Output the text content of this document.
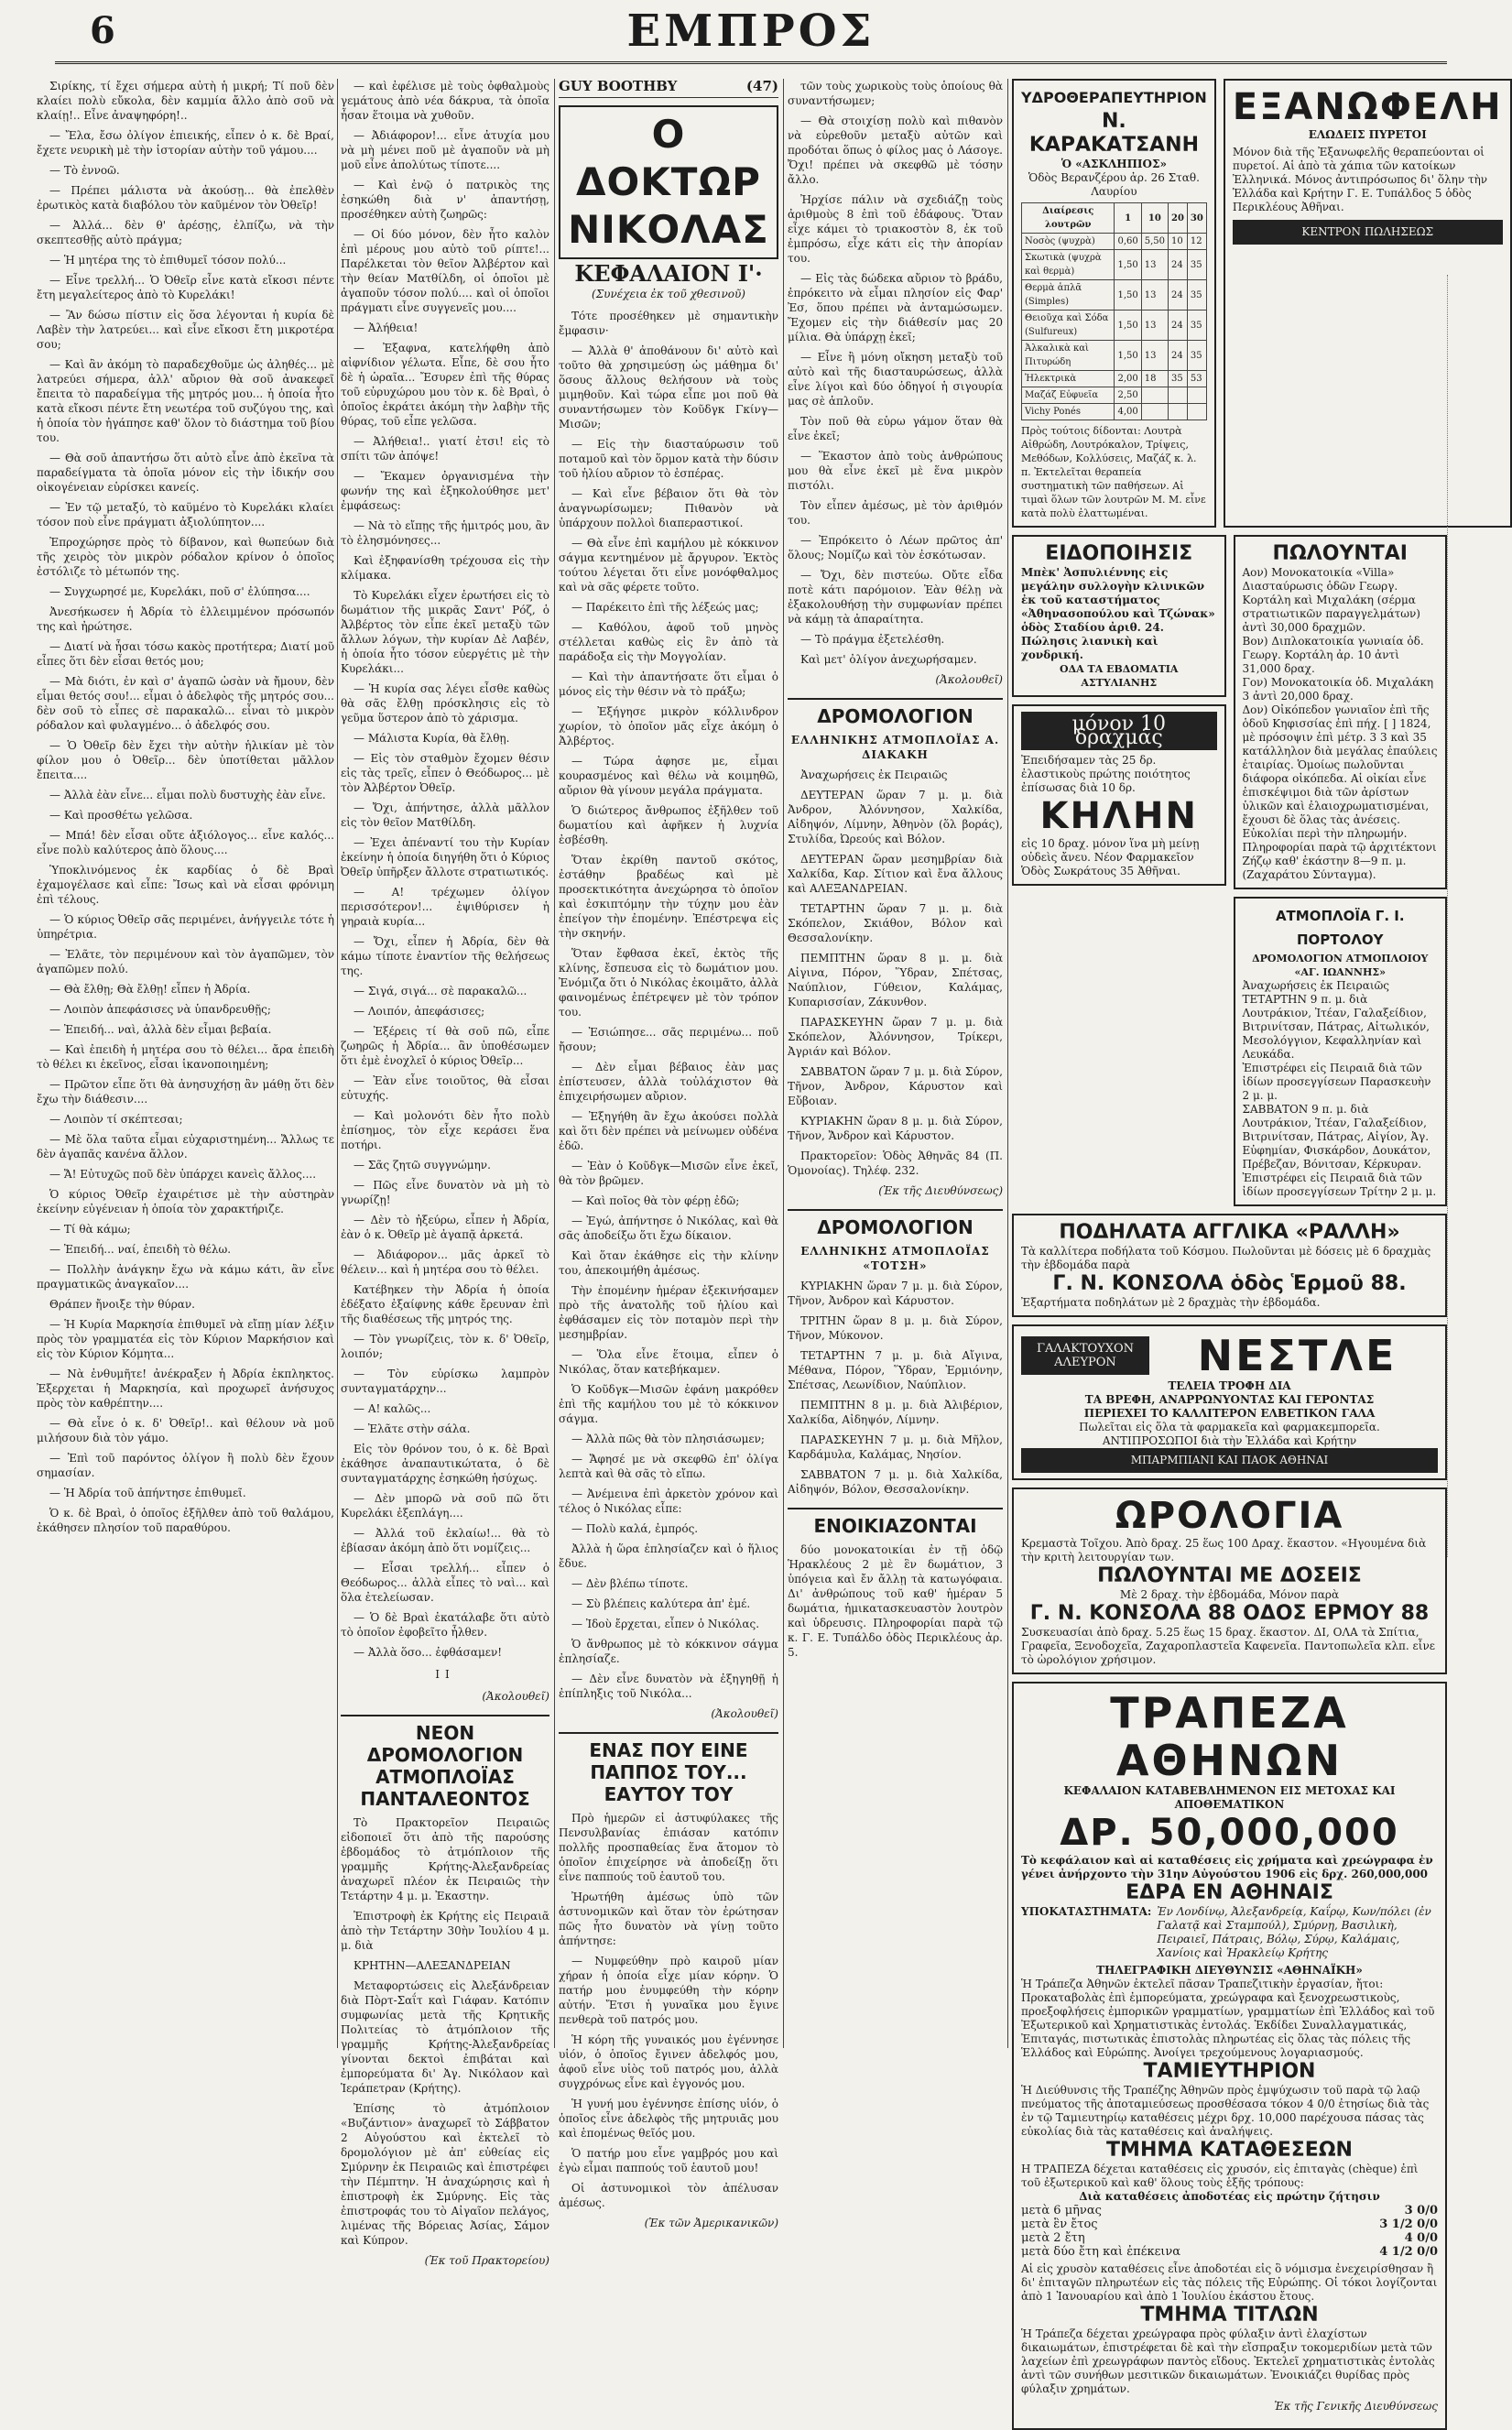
6	ΕΜΠΡΟΣ

Σιρίκης, τί ἔχει σήμερα αὐτὴ ἡ μικρή; Τί ποῦ δὲν κλαίει πολὺ εὔκολα, δὲν καμμία ἄλλο ἀπὸ σοῦ νὰ κλαίῃ!.. Εἶνε ἀναψηφόρη!..

— Ἔλα, ἔσω ὀλίγον ἐπιεικής, εἶπεν ὁ κ. δὲ Βραί, ἔχετε νευρικὴ μὲ τὴν ἱστορίαν αὐτὴν τοῦ γάμου....

— Τὸ ἐννοῶ.

— Πρέπει μάλιστα νὰ ἀκούσῃ... θὰ ἐπελθὲν ἐρωτικὸς κατὰ διαβόλου τὸν καῦμένον τὸν Ὀθεῖρ!

— Ἀλλά... δὲν θ' ἀρέσῃς, ἐλπίζω, νὰ τὴν σκεπτεσθῇς αὐτὸ πράγμα;

— Ἡ μητέρα της τὸ ἐπιθυμεῖ τόσον πολύ...

— Εἶνε τρελλή... Ὁ Ὀθεῖρ εἶνε κατὰ εἴκοσι πέντε ἔτη μεγαλείτερος ἀπὸ τὸ Κυρελάκι!

— Ἂν δώσω πίστιν εἰς ὅσα λέγονται ἡ κυρία δὲ Λαβὲν τὴν λατρεύει... καὶ εἶνε εἴκοσι ἔτη μικροτέρα σου;

— Καὶ ἂν ἀκόμη τὸ παραδεχθοῦμε ὡς ἀληθές... μὲ λατρεύει σήμερα, ἀλλ' αὔριον θὰ σοῦ ἀνακεφεῖ ἔπειτα τὸ παραδείγμα τῆς μητρός μου... ἡ ὁποία ἦτο κατὰ εἴκοσι πέντε ἔτη νεωτέρα τοῦ συζύγου της, καὶ ἡ ὁποία τὸν ἠγάπησε καθ' ὅλον τὸ διάστημα τοῦ βίου του.

— Θὰ σοῦ ἀπαντήσω ὅτι αὐτὸ εἶνε ἀπὸ ἐκεῖνα τὰ παραδείγματα τὰ ὁποῖα μόνον εἰς τὴν ἰδικήν σου οἰκογένειαν εὑρίσκει κανείς.

— Ἐν τῷ μεταξύ, τὸ καϋμένο τὸ Κυρελάκι κλαίει τόσον ποὺ εἶνε πράγματι ἀξιολύπητον....

Ἐπροχώρησε πρὸς τὸ δίβανον, καὶ θωπεύων διὰ τῆς χειρὸς τὸν μικρὸν ρόδαλον κρίνον ὁ ὁποῖος ἐστόλιζε τὸ μέτωπόν της.

— Συγχωρησέ με, Κυρελάκι, ποῦ σ' ἐλύπησα....

Ἀνεσήκωσεν ἡ Ἀδρία τὸ ἐλλειμμένον πρόσωπόν της καὶ ἠρώτησε.

— Διατί νὰ ἦσαι τόσω κακὸς προτήτερα; Διατί μοῦ εἶπες ὅτι δὲν εἶσαι θετός μου;

— Μὰ διότι, ἐν καὶ σ' ἀγαπῶ ὡσὰν νὰ ἤμουν, δὲν εἶμαι θετός σου!... εἶμαι ὁ ἀδελφὸς τῆς μητρός σου... δὲν σοῦ τὸ εἶπες σὲ παρακαλῶ... εἶναι τὸ μικρὸν ρόδαλον καὶ φυλαγμένο... ὁ ἀδελφός σου.

— Ὁ Ὀθεῖρ δὲν ἔχει τὴν αὐτὴν ἡλικίαν μὲ τὸν φίλον μου ὁ Ὀθεῖρ... δὲν ὑποτίθεται μᾶλλον ἔπειτα....

— Ἀλλὰ ἐὰν εἶνε... εἶμαι πολὺ δυστυχὴς ἐὰν εἶνε.

— Καὶ προσθέτω γελῶσα.

— Μπά! δὲν εἶσαι οὔτε ἀξιόλογος... εἶνε καλός... εἶνε πολὺ καλύτερος ἀπὸ ὅλους....

Ὑποκλινόμενος ἐκ καρδίας ὁ δὲ Βραὶ ἐχαμογέλασε καὶ εἶπε: Ἴσως καὶ νὰ εἶσαι φρόνιμη ἐπὶ τέλους.

— Ὁ κύριος Ὀθεῖρ σᾶς περιμένει, ἀνήγγειλε τότε ἡ ὑπηρέτρια.

— Ἐλᾶτε, τὸν περιμένουν καὶ τὸν ἀγαπῶμεν, τὸν ἀγαπῶμεν πολύ.

— Θὰ ἔλθῃ; Θὰ ἔλθῃ! εἶπεν ἡ Ἀδρία.

— Λοιπὸν ἀπεφάσισες νὰ ὑπανδρευθῇς;

— Ἐπειδή... ναὶ, ἀλλὰ δὲν εἶμαι βεβαία.

— Καὶ ἐπειδὴ ἡ μητέρα σου τὸ θέλει... ἄρα ἐπειδὴ τὸ θέλει κι ἐκεῖνος, εἶσαι ἱκανοποιημένη;

— Πρῶτον εἶπε ὅτι θὰ ἀνησυχήσῃ ἂν μάθῃ ὅτι δὲν ἔχω τὴν διάθεσιν....

— Λοιπὸν τί σκέπτεσαι;

— Μὲ ὅλα ταῦτα εἶμαι εὐχαριστημένη... Ἄλλως τε δὲν ἀγαπᾶς κανένα ἄλλον.

— Ἄ! Εὐτυχῶς ποῦ δὲν ὑπάρχει κανεὶς ἄλλος....

Ὁ κύριος Ὀθεῖρ ἐχαιρέτισε μὲ τὴν αὐστηρὰν ἐκείνην εὐγένειαν ἡ ὁποία τὸν χαρακτήριζε.

— Τί θὰ κάμω;

— Ἐπειδή... ναί, ἐπειδὴ τὸ θέλω.

— Πολλὴν ἀνάγκην ἔχω νὰ κάμω κάτι, ἂν εἶνε πραγματικῶς ἀναγκαῖον....

Θράπεν ἤνοιξε τὴν θύραν.

— Ἡ Κυρία Μαρκησία ἐπιθυμεῖ νὰ εἴπῃ μίαν λέξιν πρὸς τὸν γραμματέα εἰς τὸν Κύριον Μαρκήσιον καὶ εἰς τὸν Κύριον Κόμητα...

— Νὰ ἐνθυμῆτε! ἀνέκραξεν ἡ Ἀδρία ἐκπληκτος. Ἐξερχεται ἡ Μαρκησία, καὶ προχωρεῖ ἀνήσυχος πρὸς τὸν καθρέπτην....

— Θὰ εἶνε ὁ κ. δ' Ὀθεῖρ!.. καὶ θέλουν νὰ μοῦ μιλήσουν διὰ τὸν γάμο.

— Ἐπὶ τοῦ παρόντος ὀλίγον ἢ πολὺ δὲν ἔχουν σημασίαν.

— Ἡ Ἀδρία τοῦ ἀπήντησε ἐπιθυμεῖ.

Ὁ κ. δὲ Βραὶ, ὁ ὁποῖος ἐξῆλθεν ἀπὸ τοῦ θαλάμου, ἐκάθησεν πλησίον τοῦ παραθύρου.

— καὶ ἐφέλισε μὲ τοὺς ὀφθαλμοὺς γεμάτους ἀπὸ νέα δάκρυα, τὰ ὁποῖα ἦσαν ἕτοιμα νὰ χυθοῦν.

— Ἀδιάφορον!... εἶνε ἀτυχία μου νὰ μὴ μένει ποῦ μὲ ἀγαποῦν νὰ μὴ μοῦ εἶνε ἀπολύτως τίποτε....

— Καὶ ἐνῷ ὁ πατρικὸς της ἐσηκώθη διὰ ν' ἀπαντήσῃ, προσέθηκεν αὐτὴ ζωηρῶς:

— Οἱ δύο μόνον, δὲν ἦτο καλὸν ἐπὶ μέρους μου αὐτὸ τοῦ ρίπτε!... Παρέλκεται τὸν θεῖον Ἀλβέρτον καὶ τὴν θείαν Ματθίλδη, οἱ ὁποῖοι μὲ ἀγαποῦν τόσον πολύ.... καὶ οἱ ὁποῖοι πράγματι εἶνε συγγενεῖς μου....

— Ἀλήθεια!

— Ἐξαφνα, κατελήφθη ἀπὸ αἰφνίδιον γέλωτα. Εἶπε, δὲ σου ἦτο δὲ ἡ ὡραῖα... Ἔσυρεν ἐπὶ τῆς θύρας τοῦ εὐρυχώρου μου τὸν κ. δὲ Βραὶ, ὁ ὁποῖος ἐκράτει ἀκόμη τὴν λαβὴν τῆς θύρας, τοῦ εἶπε γελῶσα.

— Ἀλήθεια!.. γιατί ἐτσι! εἰς τὸ σπίτι τῶν ἀπόψε!

— Ἔκαμεν ὀργανισμένα τὴν φωνήν της καὶ ἐξηκολούθησε μετ' ἐμφάσεως:

— Νὰ τὸ εἴπῃς τῆς ἡμιτρός μου, ἂν τὸ ἐλησμόνησες...

Καὶ ἐξηφανίσθη τρέχουσα εἰς τὴν κλίμακα.

Τὸ Κυρελάκι εἶχεν ἐρωτήσει εἰς τὸ δωμάτιον τῆς μικρᾶς Σαντ' Ρόζ, ὁ Ἀλβέρτος τὸν εἶπε ἐκεῖ μεταξὺ τῶν ἄλλων λόγων, τὴν κυρίαν Δὲ Λαβέν, ἡ ὁποία ἦτο τόσον εὐεργέτις μὲ τὴν Κυρελάκι...

— Ἡ κυρία σας λέγει εἶσθε καθὼς θὰ σᾶς ἔλθῃ πρόσκλησις εἰς τὸ γεῦμα ὕστερον ἀπὸ τὸ χάρισμα.

— Μάλιστα Κυρία, θὰ ἔλθῃ.

— Εἰς τὸν σταθμὸν ἔχομεν θέσιν εἰς τὰς τρεῖς, εἶπεν ὁ Θεόδωρος... μὲ τὸν Ἀλβέρτον Ὀθεῖρ.

— Ὄχι, ἀπήντησε, ἀλλὰ μᾶλλον εἰς τὸν θεῖον Ματθίλδη.

— Ἐχει ἀπέναντί του τὴν Κυρίαν ἐκείνην ἡ ὁποία διηγήθη ὅτι ὁ Κύριος Ὀθεῖρ ὑπῆρξεν ἄλλοτε στρατιωτικός.

— Α! τρέχωμεν ὀλίγον περισσότερον!... ἐψιθύρισεν ἡ γηραιὰ κυρία...

— Ὄχι, εἶπεν ἡ Ἀδρία, δὲν θὰ κάμω τίποτε ἐναντίον τῆς θελήσεως της.

— Σιγά, σιγά... σὲ παρακαλῶ...

— Λοιπόν, ἀπεφάσισες;

— Ἐξέρεις τί θὰ σοῦ πῶ, εἶπε ζωηρῶς ἡ Ἀδρία... ἂν ὑποθέσωμεν ὅτι ἐμὲ ἐνοχλεῖ ὁ κύριος Ὀθεῖρ...

— Ἐὰν εἶνε τοιοῦτος, θὰ εἶσαι εὐτυχής.

— Καὶ μολονότι δὲν ἦτο πολὺ ἐπίσημος, τὸν εἶχε κεράσει ἕνα ποτήρι.

— Σᾶς ζητῶ συγγνώμην.

— Πῶς εἶνε δυνατὸν νὰ μὴ τὸ γνωρίζῃ!

— Δὲν τὸ ἠξεύρω, εἶπεν ἡ Ἀδρία, ἐὰν ὁ κ. Ὀθεῖρ μὲ ἀγαπᾷ ἀρκετά.

— Ἀδιάφορον... μᾶς ἀρκεῖ τὸ θέλειν... καὶ ἡ μητέρα σου τὸ θέλει.

Κατέβηκεν τὴν Ἀδρία ἡ ὁποία ἐδέξατο ἐξαίφνης κάθε ἔρευναν ἐπὶ τῆς διαθέσεως τῆς μητρός της.

— Τὸν γνωρίζεις, τὸν κ. δ' Ὀθεῖρ, λοιπόν;

— Τὸν εὑρίσκω λαμπρὸν συνταγματάρχην...

— Α! καλῶς...

— Ἐλᾶτε στὴν σάλα.

Εἰς τὸν θρόνον του, ὁ κ. δὲ Βραὶ ἐκάθησε ἀναπαυτικώτατα, ὁ δὲ συνταγματάρχης ἐσηκώθη ἡσύχως.

— Δὲν μπορῶ νὰ σοῦ πῶ ὅτι Κυρελάκι ἐξεπλάγη....

— Ἀλλά τοῦ ἐκλαίω!... θὰ τὸ ἐβίασαν ἀκόμη ἀπὸ ὅτι νομίζεις...

— Εἶσαι τρελλή... εἶπεν ὁ Θεόδωρος... ἀλλὰ εἶπες τὸ ναὶ... καὶ ὅλα ἐτελείωσαν.

— Ὁ δὲ Βραὶ ἐκατάλαβε ὅτι αὐτὸ τὸ ὁποῖον ἐφοβεῖτο ἦλθεν.

— Ἀλλὰ ὅσο... ἐφθάσαμεν!

II
(Ἀκολουθεῖ)
ΝΕΟΝ ΔΡΟΜΟΛΟΓΙΟΝ ΑΤΜΟΠΛΟΪΑΣ ΠΑΝΤΑΛΕΟΝΤΟΣ

Τὸ Πρακτορεῖον Πειραιῶς εἰδοποιεῖ ὅτι ἀπὸ τῆς παρούσης ἑβδομάδος τὸ ἀτμόπλοιον τῆς γραμμῆς Κρήτης-Ἀλεξανδρείας ἀναχωρεῖ πλέον ἐκ Πειραιῶς τὴν Τετάρτην 4 μ. μ. Ἐκαστην.

Ἐπιστροφὴ ἐκ Κρήτης εἰς Πειραιᾶ ἀπὸ τὴν Τετάρτην 30ὴν Ἰουλίου 4 μ. μ. διὰ

ΚΡΗΤΗΝ—ΑΛΕΞΑΝΔΡΕΙΑΝ

Μεταφορτώσεις εἰς Ἀλεξάνδρειαν διὰ Πὸρτ-Σαΐτ καὶ Γιάφαν. Κατόπιν συμφωνίας μετὰ τῆς Κρητικῆς Πολιτείας τὸ ἀτμόπλοιον τῆς γραμμῆς Κρήτης-Ἀλεξανδρείας γίνονται δεκτοὶ ἐπιβάται καὶ ἐμπορεύματα δι' Ἀγ. Νικόλαον καὶ Ἱεράπετραν (Κρήτης).

Ἐπίσης τὸ ἀτμόπλοιον «Βυζάντιον» ἀναχωρεῖ τὸ Σάββατον 2 Αὐγούστου καὶ ἐκτελεῖ τὸ δρομολόγιον μὲ ἀπ' εὐθείας εἰς Σμύρνην ἐκ Πειραιῶς καὶ ἐπιστρέφει τὴν Πέμπτην. Ἡ ἀναχώρησις καὶ ἡ ἐπιστροφὴ ἐκ Σμύρνης. Εἰς τὰς ἐπιστροφάς του τὸ Αἰγαῖον πελάγος, λιμένας τῆς Βόρειας Ἀσίας, Σάμον καὶ Κύπρον.

(Ἐκ τοῦ Πρακτορείου)
GUY BOOTHBY	(47)
Ο ΔΟΚΤΩΡ ΝΙΚΟΛΑΣ
ΚΕΦΑΛΑΙΟΝ Ι'·
(Συνέχεια ἐκ τοῦ χθεσινοῦ)

Τότε προσέθηκεν μὲ σημαντικὴν ἔμφασιν·

— Ἀλλὰ θ' ἀποθάνουν δι' αὐτὸ καὶ τοῦτο θὰ χρησιμεύσῃ ὡς μάθημα δι' ὅσους ἄλλους θελήσουν νὰ τοὺς μιμηθοῦν. Καὶ τώρα εἶπε μοι ποῦ θὰ συναντήσωμεν τὸν Κοῦδγκ Γκίνγ—Μισῶν;

— Εἰς τὴν διασταύρωσιν τοῦ ποταμοῦ καὶ τὸν ὅρμον κατὰ τὴν δύσιν τοῦ ἡλίου αὔριον τὸ ἑσπέρας.

— Καὶ εἶνε βέβαιον ὅτι θὰ τὸν ἀναγνωρίσωμεν; Πιθανὸν νὰ ὑπάρχουν πολλοὶ διαπεραστικοί.

— Θὰ εἶνε ἐπὶ καμήλου μὲ κόκκινον σάγμα κεντημένον μὲ ἄργυρον. Ἐκτὸς τούτου λέγεται ὅτι εἶνε μονόφθαλμος καὶ νὰ σᾶς φέρετε τοῦτο.

— Παρέκειτο ἐπὶ τῆς λέξεώς μας;

— Καθόλου, ἀφοῦ τοῦ μηνὸς στέλλεται καθὼς εἰς ἓν ἀπὸ τὰ παράδοξα εἰς τὴν Μογγολίαν.

— Καὶ τὴν ἀπαντήσατε ὅτι εἶμαι ὁ μόνος εἰς τὴν θέσιν νὰ τὸ πράξω;

— Ἐξήγησε μικρὸν κόλλινδρον χωρίον, τὸ ὁποῖον μᾶς εἶχε ἀκόμη ὁ Ἀλβέρτος.

— Τώρα ἀφησε με, εἶμαι κουρασμένος καὶ θέλω νὰ κοιμηθῶ, αὔριον θὰ γίνουν μεγάλα πράγματα.

Ὁ διώτερος ἄνθρωπος ἐξῆλθεν τοῦ δωματίου καὶ ἀφῆκεν ἡ λυχνία ἐσβέσθη.

Ὅταν ἐκρίθη παντοῦ σκότος, ἐστάθην βραδέως καὶ μὲ προσεκτικότητα ἀνεχώρησα τὸ ὁποῖον καὶ ἐσκιπτόμην τὴν τύχην μου ἐὰν ἐπείγον τὴν ἐπομένην. Ἐπέστρεψα εἰς τὴν σκηνήν.

Ὅταν ἔφθασα ἐκεῖ, ἐκτὸς τῆς κλίνης, ἔσπευσα εἰς τὸ δωμάτιον μου. Ἐνόμιζα ὅτι ὁ Νικόλας ἐκοιμᾶτο, ἀλλὰ φαινομένως ἐπέτρεψεν μὲ τὸν τρόπον του.

— Ἐσιώπησε... σᾶς περιμένω... ποῦ ἤσουν;

— Δὲν εἶμαι βέβαιος ἐὰν μας ἐπίστευσεν, ἀλλὰ τοὐλάχιστον θὰ ἐπιχειρήσωμεν αὔριον.

— Ἐξηγήθη ἂν ἔχω ἀκούσει πολλὰ καὶ ὅτι δὲν πρέπει νὰ μείνωμεν οὐδένα ἐδῶ.

— Ἐὰν ὁ Κοῦδγκ—Μισῶν εἶνε ἐκεῖ, θὰ τὸν βρῶμεν.

— Καὶ ποῖος θὰ τὸν φέρῃ ἐδῶ;

— Ἐγώ, ἀπήντησε ὁ Νικόλας, καὶ θὰ σᾶς ἀποδείξω ὅτι ἔχω δίκαιον.

Καὶ ὅταν ἐκάθησε εἰς τὴν κλίνην του, ἀπεκοιμήθη ἀμέσως.

Τὴν ἐπομένην ἡμέραν ἐξεκινήσαμεν πρὸ τῆς ἀνατολῆς τοῦ ἡλίου καὶ ἐφθάσαμεν εἰς τὸν ποταμὸν περὶ τὴν μεσημβρίαν.

— Ὅλα εἶνε ἕτοιμα, εἶπεν ὁ Νικόλας, ὅταν κατεβήκαμεν.

Ὁ Κοῦδγκ—Μισῶν ἐφάνη μακρόθεν ἐπὶ τῆς καμήλου του μὲ τὸ κόκκινον σάγμα.

— Ἀλλὰ πῶς θὰ τὸν πλησιάσωμεν;

— Ἄφησέ με νὰ σκεφθῶ ἐπ' ὀλίγα λεπτὰ καὶ θὰ σᾶς τὸ εἴπω.

— Ἀνέμεινα ἐπὶ ἀρκετὸν χρόνον καὶ τέλος ὁ Νικόλας εἶπε:

— Πολὺ καλά, ἐμπρός.

Ἀλλὰ ἡ ὥρα ἐπλησίαζεν καὶ ὁ ἥλιος ἔδυε.

— Δὲν βλέπω τίποτε.

— Σὺ βλέπεις καλύτερα ἀπ' ἐμέ.

— Ἰδοὺ ἔρχεται, εἶπεν ὁ Νικόλας.

Ὁ ἄνθρωπος μὲ τὸ κόκκινον σάγμα ἐπλησίαζε.

— Δὲν εἶνε δυνατὸν νὰ ἐξηγηθῇ ἡ ἐπίπληξις τοῦ Νικόλα...

(Ἀκολουθεῖ)
ΕΝΑΣ ΠΟΥ ΕΙΝΕ ΠΑΠΠΟΣ ΤΟΥ... ΕΑΥΤΟΥ ΤΟΥ

Πρὸ ἡμερῶν εἰ ἀστυφύλακες τῆς Πενσυλβανίας ἐπιάσαν κατόπιν πολλῆς προσπαθείας ἕνα ἄτομον τὸ ὁποῖον ἐπιχείρησε νὰ ἀποδείξῃ ὅτι εἶνε παππούς τοῦ ἑαυτοῦ του.

Ἠρωτήθη ἀμέσως ὑπὸ τῶν ἀστυνομικῶν καὶ ὅταν τὸν ἐρώτησαν πῶς ἦτο δυνατὸν νὰ γίνῃ τοῦτο ἀπήντησε:

— Νυμφεύθην πρὸ καιροῦ μίαν χήραν ἡ ὁποία εἶχε μίαν κόρην. Ὁ πατήρ μου ἐνυμφεύθη τὴν κόρην αὐτήν. Ἔτσι ἡ γυναῖκα μου ἔγινε πενθερὰ τοῦ πατρός μου.

Ἡ κόρη τῆς γυναικός μου ἐγέννησε υἱόν, ὁ ὁποῖος ἔγινεν ἀδελφός μου, ἀφοῦ εἶνε υἱὸς τοῦ πατρός μου, ἀλλὰ συγχρόνως εἶνε καὶ ἐγγονός μου.

Ἡ γυνή μου ἐγέννησε ἐπίσης υἱόν, ὁ ὁποῖος εἶνε ἀδελφὸς τῆς μητρυιᾶς μου καὶ ἑπομένως θεῖός μου.

Ὁ πατήρ μου εἶνε γαμβρός μου καὶ ἐγὼ εἶμαι παππούς τοῦ ἑαυτοῦ μου!

Οἱ ἀστυνομικοὶ τὸν ἀπέλυσαν ἀμέσως.

(Ἐκ τῶν Ἀμερικανικῶν)

τῶν τοὺς χωρικοὺς τοὺς ὁποίους θὰ συναντήσωμεν;

— Θὰ στοιχίσῃ πολὺ καὶ πιθανὸν νὰ εὑρεθοῦν μεταξὺ αὐτῶν καὶ προδόται ὅπως ὁ φίλος μας ὁ Λάσογε. Ὄχι! πρέπει νὰ σκεφθῶ μὲ τόσην ἄλλο.

Ἠρχίσε πάλιν νὰ σχεδιάζῃ τοὺς ἀριθμοὺς 8 ἐπὶ τοῦ ἐδάφους. Ὅταν εἶχε κάμει τὸ τριακοστὸν 8, ἐκ τοῦ ἐμπρόσω, εἶχε κάτι εἰς τὴν ἀπορίαν του.

— Εἰς τὰς δώδεκα αὔριον τὸ βράδυ, ἐπρόκειτο νὰ εἶμαι πλησίον εἰς Φαρ' Ἐσ, ὅπου πρέπει νὰ ἀνταμώσωμεν. Ἔχομεν εἰς τὴν διάθεσίν μας 20 μίλια. Θὰ ὑπάρχῃ ἐκεῖ;

— Εἶνε ἢ μόνη οἴκηση μεταξὺ τοῦ αὐτὸ καὶ τῆς διασταυρώσεως, ἀλλὰ εἶνε λίγοι καὶ δύο ὁδηγοί ἡ σιγουρία μας σὲ ἁπλοῦν.

Τὸν ποῦ θὰ εὑρω γάμον ὅταν θὰ εἶνε ἐκεῖ;

— Ἕκαστον ἀπὸ τοὺς ἀνθρώπους μου θὰ εἶνε ἐκεῖ μὲ ἕνα μικρὸν πιστόλι.

Τὸν εἶπεν ἀμέσως, μὲ τὸν ἀριθμόν του.

— Ἐπρόκειτο ὁ Λέων πρῶτος ἀπ' ὅλους; Νομίζω καὶ τὸν ἐσκότωσαν.

— Ὄχι, δὲν πιστεύω. Οὔτε εἶδα ποτὲ κάτι παρόμοιον. Ἐὰν θέλῃ νὰ ἐξακολουθήσῃ τὴν συμφωνίαν πρέπει νὰ κάμῃ τὰ ἀπαραίτητα.

— Τὸ πράγμα ἐξετελέσθη.

Καὶ μετ' ὀλίγον ἀνεχωρήσαμεν.

(Ἀκολουθεῖ)
ΔΡΟΜΟΛΟΓΙΟΝ
ΕΛΛΗΝΙΚΗΣ ΑΤΜΟΠΛΟΪΑΣ Α. ΔΙΑΚΑΚΗ

Ἀναχωρήσεις ἐκ Πειραιῶς

ΔΕΥΤΕΡΑΝ ὥραν 7 μ. μ. διὰ Ἀνδρον, Ἀλόννησον, Χαλκίδα, Αἰδηψόν, Λίμνην, Ἀθηνὸν (ὅλ βοράς), Στυλίδα, Ὠρεούς καὶ Βόλον.

ΔΕΥΤΕΡΑΝ ὥραν μεσημβρίαν διὰ Χαλκίδα, Καρ. Σίτιον καὶ ἔνα ἄλλους καὶ ΑΛΕΞΑΝΔΡΕΙΑΝ.

ΤΕΤΑΡΤΗΝ ὥραν 7 μ. μ. διὰ Σκόπελον, Σκιάθον, Βόλον καὶ Θεσσαλονίκην.

ΠΕΜΠΤΗΝ ὥραν 8 μ. μ. διὰ Αἰγινα, Πόρον, Ὕδραν, Σπέτσας, Ναύπλιον, Γύθειον, Καλάμας, Κυπαρισσίαν, Ζάκυνθον.

ΠΑΡΑΣΚΕΥΗΝ ὥραν 7 μ. μ. διὰ Σκόπελον, Ἀλόννησον, Τρίκερι, Ἀγριάν καὶ Βόλον.

ΣΑΒΒΑΤΟΝ ὥραν 7 μ. μ. διὰ Σύρον, Τῆνον, Ἀνδρον, Κάρυστον καὶ Εὔβοιαν.

ΚΥΡΙΑΚΗΝ ὥραν 8 μ. μ. διὰ Σύρον, Τῆνον, Ἄνδρον καὶ Κάρυστον.

Πρακτορεῖον: Ὁδὸς Ἀθηνᾶς 84 (Π. Ὁμονοίας). Τηλέφ. 232.

(Ἐκ τῆς Διευθύνσεως)
ΔΡΟΜΟΛΟΓΙΟΝ
ΕΛΛΗΝΙΚΗΣ ΑΤΜΟΠΛΟΪΑΣ «ΤΟΤΣΗ»

ΚΥΡΙΑΚΗΝ ὥραν 7 μ. μ. διὰ Σύρον, Τῆνον, Ἀνδρον καὶ Κάρυστον.

ΤΡΙΤΗΝ ὥραν 8 μ. μ. διὰ Σύρον, Τῆνον, Μύκονον.

ΤΕΤΑΡΤΗΝ 7 μ. μ. διὰ Αἴγινα, Μέθανα, Πόρον, Ὕδραν, Ἐρμιόνην, Σπέτσας, Λεωνίδιον, Ναύπλιον.

ΠΕΜΠΤΗΝ 8 μ. μ. διὰ Ἀλιβέριον, Χαλκίδα, Αἰδηψόν, Λίμνην.

ΠΑΡΑΣΚΕΥΗΝ 7 μ. μ. διὰ Μῆλον, Καρδάμυλα, Καλάμας, Νησίον.

ΣΑΒΒΑΤΟΝ 7 μ. μ. διὰ Χαλκίδα, Αἰδηψόν, Βόλον, Θεσσαλονίκην.

ΕΝΟΙΚΙΑΖΟΝΤΑΙ

δύο μονοκατοικίαι ἐν τῇ ὁδῷ Ἡρακλέους 2 μὲ ἓν δωμάτιον, 3 ὑπόγεια καὶ ἔν ἄλλῃ τὰ κατωγόφαια. Δι' ἀνθρώπους τοῦ καθ' ἡμέραν 5 δωμάτια, ἡμικατασκευαστὸν λουτρὸν καὶ ὑδρευσις. Πληροφορίαι παρὰ τῷ κ. Γ. Ε. Τυπάλδο ὁδὸς Περικλέους ἀρ. 5.

ΥΔΡΟΘΕΡΑΠΕΥΤΗΡΙΟΝ
Ν. ΚΑΡΑΚΑΤΣΑΝΗ
Ὁ «ΑΣΚΛΗΠΙΟΣ»
Ὁδὸς Βερανζέρου ἀρ. 26 Σταθ. Λαυρίου
Διαίρεσις λουτρῶν	1	10	20	30
Νοσὸς (ψυχρὰ)	0,60	5,50	10	12
Σκωτικὰ (ψυχρὰ καὶ θερμὰ)	1,50	13	24	35
Θερμὰ ἁπλᾶ (Simples)	1,50	13	24	35
Θειοῦχα καὶ Σόδα (Sulfureux)	1,50	13	24	35
Ἀλκαλικὰ καὶ Πιτυρώδη	1,50	13	24	35
Ἠλεκτρικὰ	2,00	18	35	53
Μαζάζ Εὐφυεῖα	2,50			
Vichy Ponés	4,00			

Πρὸς τούτοις δίδονται: Λουτρὰ Αἰθρώδη, Λουτρόκαλον, Τρίψεις, Μεθόδων, Κολλύσεις, Μαζάζ κ. λ. π. Ἐκτελεῖται θεραπεία συστηματικὴ τῶν παθήσεων. Αἱ τιμαὶ ὅλων τῶν λουτρῶν Μ. Μ. εἶνε κατὰ πολὺ ἐλαττωμέναι.

ΕΞΑΝΩΦΕΛΗ
ΕΛΩΔΕΙΣ ΠΥΡΕΤΟΙ

Μόνον διὰ τῆς Ἐξανωφελῆς θεραπεύονται οἱ πυρετοί. Αἱ ἀπὸ τὰ χάπια τῶν κατοίκων Ἐλληνικά. Μόνος ἀντιπρόσωπος δι' ὅλην τὴν Ἑλλάδα καὶ Κρήτην Γ. Ε. Τυπάλδος 5 ὁδὸς Περικλέους Ἀθῆναι.

ΚΕΝΤΡΟΝ ΠΩΛΗΣΕΩΣ
ΕΙΔΟΠΟΙΗΣΙΣ

Μπὲκ' Ἀσπυλιέννης εἰς μεγάλην συλλογὴν κλινικῶν ἐκ τοῦ καταστήματος «Ἀθηνασοπούλου καὶ Τζώνακ» ὁδὸς Σταδίου ἀριθ. 24. Πώλησις λιανικὴ καὶ χονδρική.

ΟΔΑ ΤΑ ΕΒΔΟΜΑΤΙΑ ΑΣΤΥΛΙΑΝΗΣ
μόνον 10 δραχμάς

Ἐπειδήσαμεν τὰς 25 δρ. ἐλαστικοὺς πρώτης ποιότητος ἐπίσωσας διὰ 10 δρ.

ΚΗΛΗΝ

εἰς 10 δραχ. μόνον ἵνα μὴ μείνῃ οὐδεὶς ἄνευ. Νέον Φαρμακεῖον Ὁδὸς Σωκράτους 35 Ἀθῆναι.

ΠΩΛΟΥΝΤΑΙ

Αον) Μονοκατοικία «Villa» Διασταύρωσις ὁδῶν Γεωργ. Κορτάλη καὶ Μιχαλάκη (σέρμα στρατιωτικῶν παραγγελμάτων) ἀντὶ 30,000 δραχμῶν.

Βον) Διπλοκατοικία γωνιαία ὁδ. Γεωργ. Κορτάλη ἀρ. 10 ἀντὶ 31,000 δραχ.

Γον) Μονοκατοικία ὁδ. Μιχαλάκη 3 ἀντὶ 20,000 δραχ.

Δον) Οἰκόπεδον γωνιαῖον ἐπὶ τῆς ὁδοῦ Κηφισσίας ἐπὶ πήχ. [ ] 1824, μὲ πρόσοψιν ἐπὶ μέτρ. 3 3 καὶ 35 κατάλληλον διὰ μεγάλας ἐπαύλεις ἐταιρίας. Ὁμοίως πωλοῦνται διάφορα οἰκόπεδα. Αἱ οἰκίαι εἶνε ἐπισκέψιμοι διὰ τῶν ἀρίστων ὑλικῶν καὶ ἐλαιοχρωματισμέναι, ἔχουσι δὲ ὅλας τὰς ἀνέσεις. Εὐκολίαι περὶ τὴν πληρωμήν. Πληροφορίαι παρὰ τῷ ἀρχιτέκτονι Ζήζῳ καθ' ἑκάστην 8—9 π. μ. (Ζαχαράτου Σύνταγμα).

ΑΤΜΟΠΛΟΪΑ Γ. Ι. ΠΟΡΤΟΛΟΥ
ΔΡΟΜΟΛΟΓΙΟΝ ΑΤΜΟΠΛΟΙΟΥ «ΑΓ. ΙΩΑΝΝΗΣ»

Ἀναχωρήσεις ἐκ Πειραιῶς

ΤΕΤΑΡΤΗΝ 9 π. μ. διὰ Λουτράκιον, Ἰτέαν, Γαλαξείδιον, Βιτρινίτσαν, Πάτρας, Αἰτωλικόν, Μεσολόγγιον, Κεφαλληνίαν καὶ Λευκάδα.

Ἐπιστρέφει εἰς Πειραιᾶ διὰ τῶν ἰδίων προσεγγίσεων Παρασκευὴν 2 μ. μ.

ΣΑΒΒΑΤΟΝ 9 π. μ. διὰ Λουτράκιον, Ἰτέαν, Γαλαξείδιον, Βιτρινίτσαν, Πάτρας, Αἰγίον, Ἀγ. Εὐφημίαν, Φισκάρδον, Δουκάτον, Πρέβεζαν, Βόνιτσαν, Κέρκυραν.

Ἐπιστρέφει εἰς Πειραιᾶ διὰ τῶν ἰδίων προσεγγίσεων Τρίτην 2 μ. μ.

ΠΟΔΗΛΑΤΑ ΑΓΓΛΙΚΑ «ΡΑΛΛΗ»

Τὰ καλλίτερα ποδήλατα τοῦ Κόσμου. Πωλοῦνται μὲ δόσεις μὲ 6 δραχμὰς τὴν ἑβδομάδα παρὰ

Γ. Ν. ΚΟΝΣΟΛΑ ὁδὸς Ἑρμοῦ 88.

Ἐξαρτήματα ποδηλάτων μὲ 2 δραχμὰς τὴν ἑβδομάδα.

ΓΑΛΑΚΤΟΥΧΟΝ ΑΛΕΥΡΟΝ	ΝΕΣΤΛΕ
ΤΕΛΕΙΑ ΤΡΟΦΗ ΔΙΑ
ΤΑ ΒΡΕΦΗ, ΑΝΑΡΡΩΝΥΟΝΤΑΣ ΚΑΙ ΓΕΡΟΝΤΑΣ
ΠΕΡΙΕΧΕΙ ΤΟ ΚΑΛΛΙΤΕΡΟΝ ΕΛΒΕΤΙΚΟΝ ΓΑΛΑ
Πωλεῖται εἰς ὅλα τὰ φαρμακεῖα καὶ φαρμακεμπορεῖα.
ΑΝΤΙΠΡΟΣΩΠΟΙ διὰ τὴν Ἑλλάδα καὶ Κρήτην
ΜΠΑΡΜΠΙΑΝΙ ΚΑΙ ΠΑΟΚ ΑΘΗΝΑΙ
ΩΡΟΛΟΓΙΑ

Κρεμαστὰ Τοῖχου. Ἀπὸ δραχ. 25 ἕως 100 Δραχ. ἕκαστον. «Ηγουμένα διὰ τὴν κριτὴ λειτουργίαν των.

ΠΩΛΟΥΝΤΑΙ ΜΕ ΔΟΣΕΙΣ

Μὲ 2 δραχ. τὴν ἑβδομάδα, Μόνον παρὰ

Γ. Ν. ΚΟΝΣΟΛΑ 88 ΟΔΟΣ ΕΡΜΟΥ 88

Συσκευασίαι ἀπὸ δραχ. 5.25 ἕως 15 δραχ. ἕκαστον. ΔΙ, ΟΛΑ τὰ Σπίτια, Γραφεῖα, Ξενοδοχεῖα, Ζαχαροπλαστεῖα Καφενεῖα. Παντοπωλεῖα κλπ. εἶνε τὸ ὡρολόγιον χρήσιμον.

ΤΡΑΠΕΖΑ ΑΘΗΝΩΝ
ΚΕΦΑΛΑΙΟΝ ΚΑΤΑΒΕΒΛΗΜΕΝΟΝ ΕΙΣ ΜΕΤΟΧΑΣ ΚΑΙ ΑΠΟΘΕΜΑΤΙΚΟΝ
ΔΡ. 50,000,000

Τὸ κεφάλαιον καὶ αἱ καταθέσεις εἰς χρήματα καὶ χρεώγραφα ἐν γένει ἀνήρχοντο τὴν 31ην Αὐγούστου 1906 εἰς δρχ. 260,000,000

ΕΔΡΑ ΕΝ ΑΘΗΝΑΙΣ
ΥΠΟΚΑΤΑΣΤΗΜΑΤΑ: Ἐν Λονδίνῳ, Ἀλεξανδρείᾳ, Καΐρῳ, Κων/πόλει (ἐν Γαλατᾷ καὶ Σταμπούλ), Σμύρνῃ, Βασιλικὴ, Πειραιεῖ, Πάτραις, Βόλῳ, Σύρῳ, Καλάμαις, Χανίοις καὶ Ἡρακλείῳ Κρήτης
ΤΗΛΕΓΡΑΦΙΚΗ ΔΙΕΥΘΥΝΣΙΣ «ΑΘΗΝΑΪΚΗ»

Ἡ Τράπεζα Ἀθηνῶν ἐκτελεῖ πᾶσαν Τραπεζιτικὴν ἐργασίαν, ἤτοι: Προκαταβολὰς ἐπὶ ἐμπορεύματα, χρεώγραφα καὶ ξενοχρεωστικοὺς, προεξοφλήσεις ἐμπορικῶν γραμματίων, γραμματίων ἐπὶ Ἑλλάδος καὶ τοῦ Ἐξωτερικοῦ καὶ Χρηματιστικὰς ἐντολάς. Ἐκδίδει Συναλλαγματικάς, Ἐπιταγάς, πιστωτικὰς ἐπιστολὰς πληρωτέας εἰς ὅλας τὰς πόλεις τῆς Ἑλλάδος καὶ Εὐρώπης. Ἀνοίγει τρεχούμενους λογαριασμούς.

ΤΑΜΙΕΥΤΗΡΙΟΝ

Ἡ Διεύθυνσις τῆς Τραπέζης Ἀθηνῶν πρὸς ἐμψύχωσιν τοῦ παρὰ τῷ λαῷ πνεύματος τῆς ἀποταμιεύσεως προσθέσασα τόκον 4 0/0 ἐτησίως διὰ τὰς ἐν τῷ Ταμιευτηρίῳ καταθέσεις μέχρι δρχ. 10,000 παρέχουσα πάσας τὰς εὐκολίας διὰ τὰς καταθέσεις καὶ ἀναλήψεις.

ΤΜΗΜΑ ΚΑΤΑΘΕΣΕΩΝ

Η ΤΡΑΠΕΖΑ δέχεται καταθέσεις εἰς χρυσόν, εἰς ἐπιταγὰς (chèque) ἐπὶ τοῦ ἐξωτερικοῦ καὶ καθ' ὅλους τοὺς ἑξῆς τρόπους:

Διὰ καταθέσεις ἀποδοτέας εἰς πρώτην ζήτησιν
μετὰ 6 μῆνας	3 0/0
μετὰ ἓν ἔτος	3 1/2 0/0
μετὰ 2 ἔτη	4 0/0
μετὰ δύο ἔτη καὶ ἐπέκεινα	4 1/2 0/0

Αἱ εἰς χρυσὸν καταθέσεις εἶνε ἀποδοτέαι εἰς ὃ νόμισμα ἐνεχειρίσθησαν ἢ δι' ἐπιταγῶν πληρωτέων εἰς τὰς πόλεις τῆς Εὐρώπης. Οἱ τόκοι λογίζονται ἀπὸ 1 Ἰανουαρίου καὶ ἀπὸ 1 Ἰουλίου ἑκάστου ἔτους.

ΤΜΗΜΑ ΤΙΤΛΩΝ

Ἡ Τράπεζα δέχεται χρεώγραφα πρὸς φύλαξιν ἀντὶ ἐλαχίστων δικαιωμάτων, ἐπιστρέφεται δὲ καὶ τὴν εἴσπραξιν τοκομεριδίων μετὰ τῶν λαχείων ἐπὶ χρεωγράφων παντὸς εἴδους. Ἐκτελεῖ χρηματιστικὰς ἐντολὰς ἀντὶ τῶν συνήθων μεσιτικῶν δικαιωμάτων. Ἐνοικιάζει θυρίδας πρὸς φύλαξιν χρημάτων.

Ἐκ τῆς Γενικῆς Διευθύνσεως
